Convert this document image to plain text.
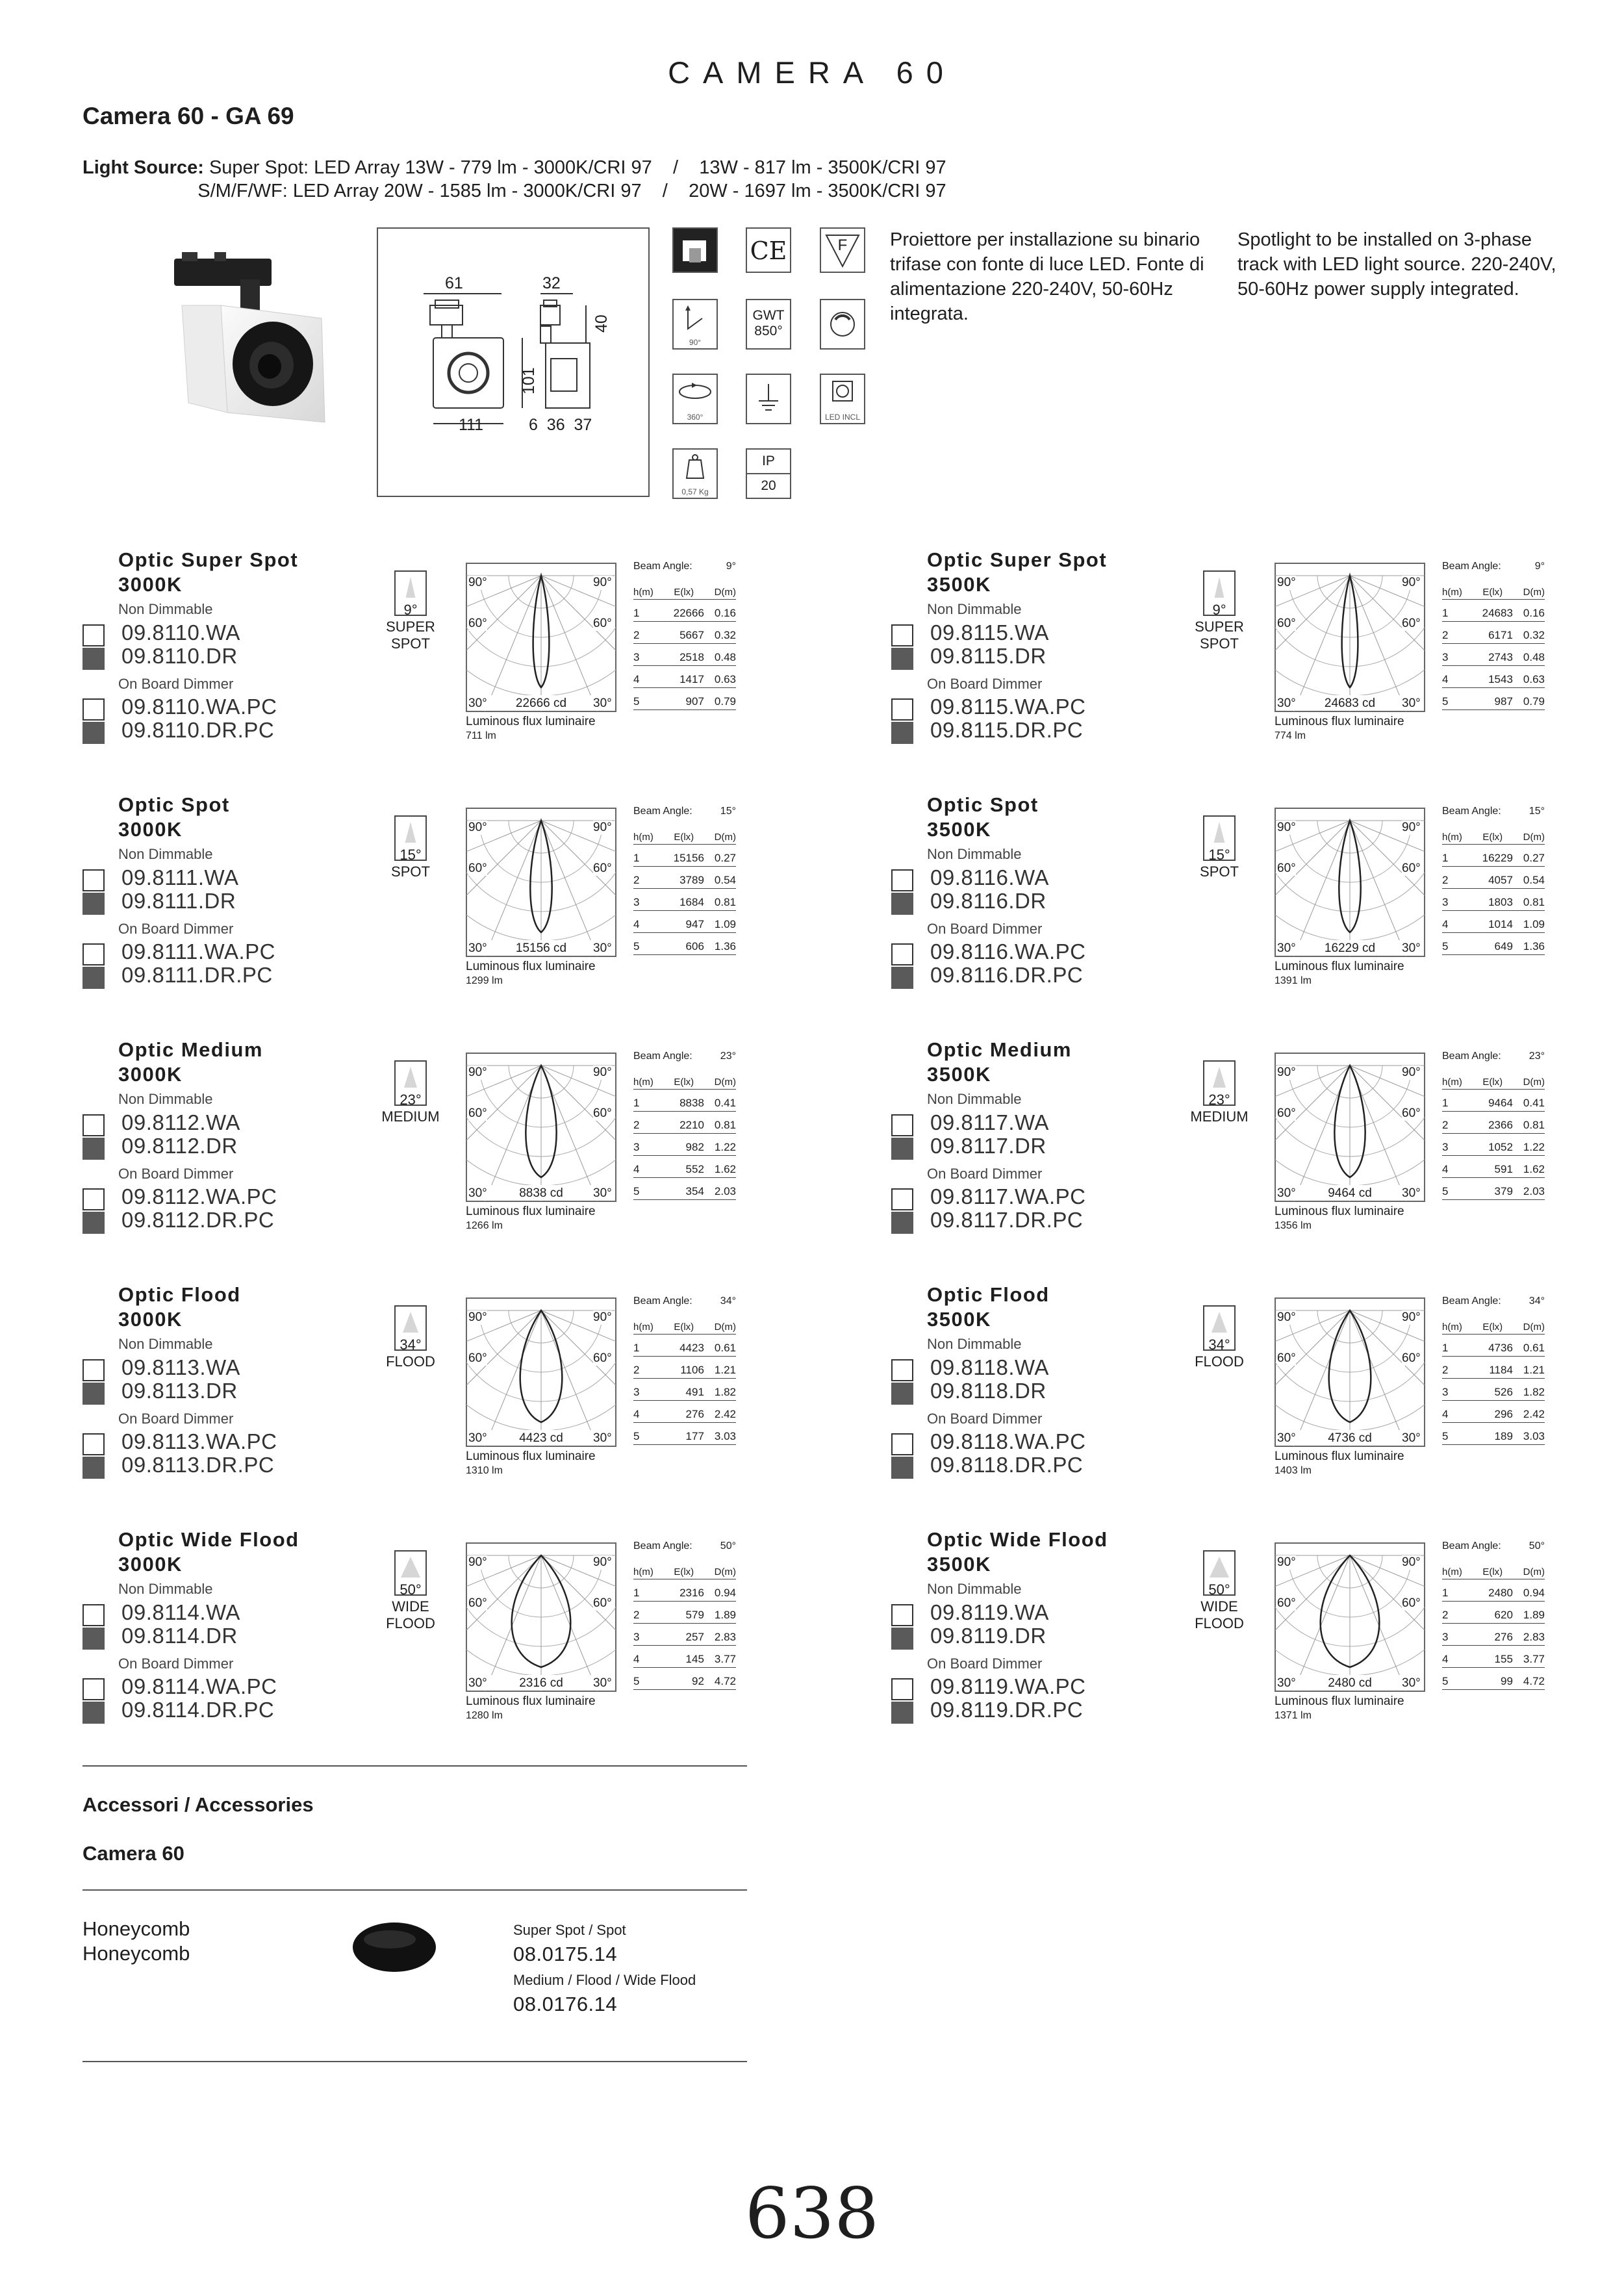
CAMERA 60
Camera 60 - GA 69
Light Source: Super Spot: LED Array 13W - 779 lm - 3000K/CRI 97    /    13W - 817 lm - 3500K/CRI 97
S/M/F/WF: LED Array 20W - 1585 lm - 3000K/CRI 97    /    20W - 1697 lm - 3500K/CRI 97
61	32
40
101
111	6  36  37
CE	F
90°
GWT
850°
360°	LED INCL
0,57 Kg
IP
20
Proiettore per installazione su binario trifase con fonte di luce LED. Fonte di alimentazione 220-240V, 50-60Hz integrata.
Spotlight to be installed on 3-phase track with LED light source. 220-240V, 50-60Hz power supply integrated.
Optic Super Spot
3000K
Non Dimmable
On Board Dimmer
09.8110.WA
09.8110.DR
09.8110.WA.PC
09.8110.DR.PC
9°
SUPER
SPOT
90°	90°
60°	60°
30°	30°
22666 cd
Luminous flux luminaire
711 lm
Beam Angle:	9°
h(m) E(lx) D(m)
1	22666 0.16
2	5667 0.32
3	2518 0.48
4	1417 0.63
5	907 0.79
Optic Super Spot
3500K
Non Dimmable
On Board Dimmer
09.8115.WA
09.8115.DR
09.8115.WA.PC
09.8115.DR.PC
9°
SUPER
SPOT
90°	90°
60°	60°
30°	30°
24683 cd
Luminous flux luminaire
774 lm
Beam Angle:	9°
h(m) E(lx) D(m)
1	24683 0.16
2	6171 0.32
3	2743 0.48
4	1543 0.63
5	987 0.79
Optic Spot
3000K
Non Dimmable
On Board Dimmer
09.8111.WA
09.8111.DR
09.8111.WA.PC
09.8111.DR.PC
15°
SPOT
90°	90°
60°	60°
30°	30°
15156 cd
Luminous flux luminaire
1299 lm
Beam Angle:	15°
h(m) E(lx) D(m)
1	15156 0.27
2	3789 0.54
3	1684 0.81
4	947 1.09
5	606 1.36
Optic Spot
3500K
Non Dimmable
On Board Dimmer
09.8116.WA
09.8116.DR
09.8116.WA.PC
09.8116.DR.PC
15°
SPOT
90°	90°
60°	60°
30°	30°
16229 cd
Luminous flux luminaire
1391 lm
Beam Angle:	15°
h(m) E(lx) D(m)
1	16229 0.27
2	4057 0.54
3	1803 0.81
4	1014 1.09
5	649 1.36
Optic Medium
3000K
Non Dimmable
On Board Dimmer
09.8112.WA
09.8112.DR
09.8112.WA.PC
09.8112.DR.PC
23°
MEDIUM
90°	90°
60°	60°
30°	30°
8838 cd
Luminous flux luminaire
1266 lm
Beam Angle:	23°
h(m) E(lx) D(m)
1	8838 0.41
2	2210 0.81
3	982 1.22
4	552 1.62
5	354 2.03
Optic Medium
3500K
Non Dimmable
On Board Dimmer
09.8117.WA
09.8117.DR
09.8117.WA.PC
09.8117.DR.PC
23°
MEDIUM
90°	90°
60°	60°
30°	30°
9464 cd
Luminous flux luminaire
1356 lm
Beam Angle:	23°
h(m) E(lx) D(m)
1	9464 0.41
2	2366 0.81
3	1052 1.22
4	591 1.62
5	379 2.03
Optic Flood
3000K
Non Dimmable
On Board Dimmer
09.8113.WA
09.8113.DR
09.8113.WA.PC
09.8113.DR.PC
34°
FLOOD
90°	90°
60°	60°
30°	30°
4423 cd
Luminous flux luminaire
1310 lm
Beam Angle:	34°
h(m) E(lx) D(m)
1	4423 0.61
2	1106 1.21
3	491 1.82
4	276 2.42
5	177 3.03
Optic Flood
3500K
Non Dimmable
On Board Dimmer
09.8118.WA
09.8118.DR
09.8118.WA.PC
09.8118.DR.PC
34°
FLOOD
90°	90°
60°	60°
30°	30°
4736 cd
Luminous flux luminaire
1403 lm
Beam Angle:	34°
h(m) E(lx) D(m)
1	4736 0.61
2	1184 1.21
3	526 1.82
4	296 2.42
5	189 3.03
Optic Wide Flood
3000K
Non Dimmable
On Board Dimmer
09.8114.WA
09.8114.DR
09.8114.WA.PC
09.8114.DR.PC
50°
WIDE
FLOOD
90°	90°
60°	60°
30°	30°
2316 cd
Luminous flux luminaire
1280 lm
Beam Angle:	50°
h(m) E(lx) D(m)
1	2316 0.94
2	579 1.89
3	257 2.83
4	145 3.77
5	92 4.72
Optic Wide Flood
3500K
Non Dimmable
On Board Dimmer
09.8119.WA
09.8119.DR
09.8119.WA.PC
09.8119.DR.PC
50°
WIDE
FLOOD
90°	90°
60°	60°
30°	30°
2480 cd
Luminous flux luminaire
1371 lm
Beam Angle:	50°
h(m) E(lx) D(m)
1	2480 0.94
2	620 1.89
3	276 2.83
4	155 3.77
5	99 4.72
Accessori / Accessories
Camera 60
Honeycomb
Honeycomb
Super Spot / Spot
08.0175.14
Medium / Flood / Wide Flood
08.0176.14
638
